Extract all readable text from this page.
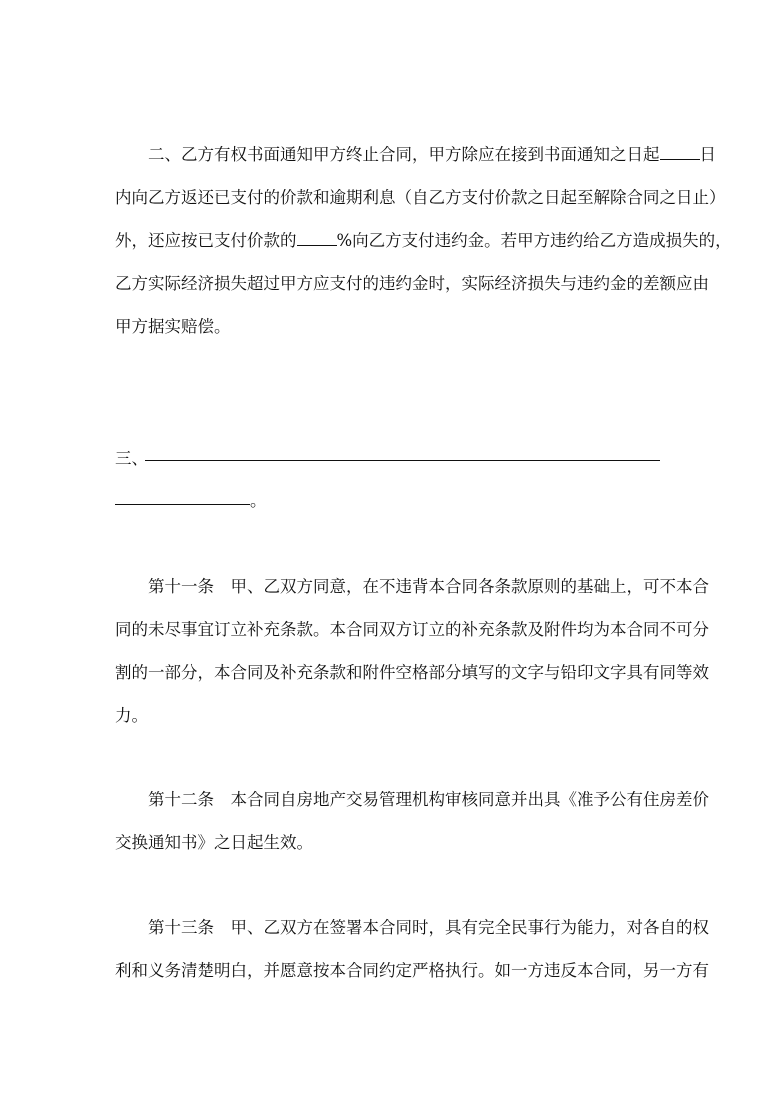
　　二、乙方有权书面通知甲方终止合同，甲方除应在接到书面通知之日起 日
内向乙方返还已支付的价款和逾期利息（自乙方支付价款之日起至解除合同之日止）
外，还应按已支付价款的 %向乙方支付违约金。若甲方违约给乙方造成损失的，
乙方实际经济损失超过甲方应支付的违约金时，实际经济损失与违约金的差额应由
甲方据实赔偿。
三、
。
　　第十一条　甲、乙双方同意，在不违背本合同各条款原则的基础上，可不本合
同的未尽事宜订立补充条款。本合同双方订立的补充条款及附件均为本合同不可分
割的一部分，本合同及补充条款和附件空格部分填写的文字与铅印文字具有同等效
力。
　　第十二条　本合同自房地产交易管理机构审核同意并出具《准予公有住房差价
交换通知书》之日起生效。
　　第十三条　甲、乙双方在签署本合同时，具有完全民事行为能力，对各自的权
利和义务清楚明白，并愿意按本合同约定严格执行。如一方违反本合同，另一方有
